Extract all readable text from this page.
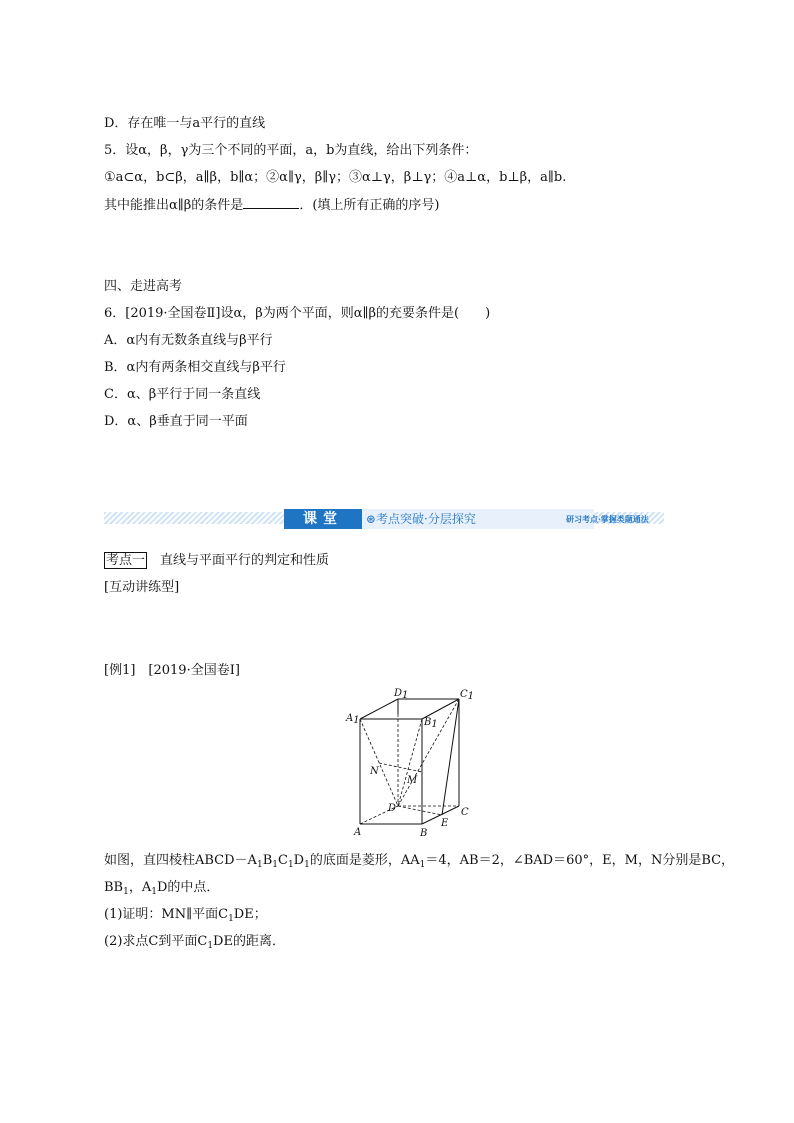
D．存在唯一与a平行的直线
5．设α，β，γ为三个不同的平面，a，b为直线，给出下列条件：
①a⊂α，b⊂β，a∥β，b∥α；②α∥γ，β∥γ；③α⊥γ，β⊥γ；④a⊥α，b⊥β，a∥b.
其中能推出α∥β的条件是	．(填上所有正确的序号)
四、走进高考
6．[2019·全国卷Ⅱ]设α，β为两个平面，则α∥β的充要条件是(　　)
A．α内有无数条直线与β平行
B．α内有两条相交直线与β平行
C．α、β平行于同一条直线
D．α、β垂直于同一平面
课堂	⊛考点突破·分层探究	研习考点·掌握类题通法
考点一　 直线与平面平行的判定和性质
[互动讲练型]
[例1]　[2019·全国卷Ⅰ]
D1	C1
A1	B1
N
M
D	C
E
A	B
如图，直四棱柱$ABCD-A_1B_1C_1D_1$的底面是菱形，$AA_1=4$，AB＝2，∠BAD＝60°，E，M，N分别是BC，
$BB_1$，$A_1D$的中点．
(1)证明：MN∥平面$C_1DE$；
(2)求点C到平面$C_1DE$的距离．
